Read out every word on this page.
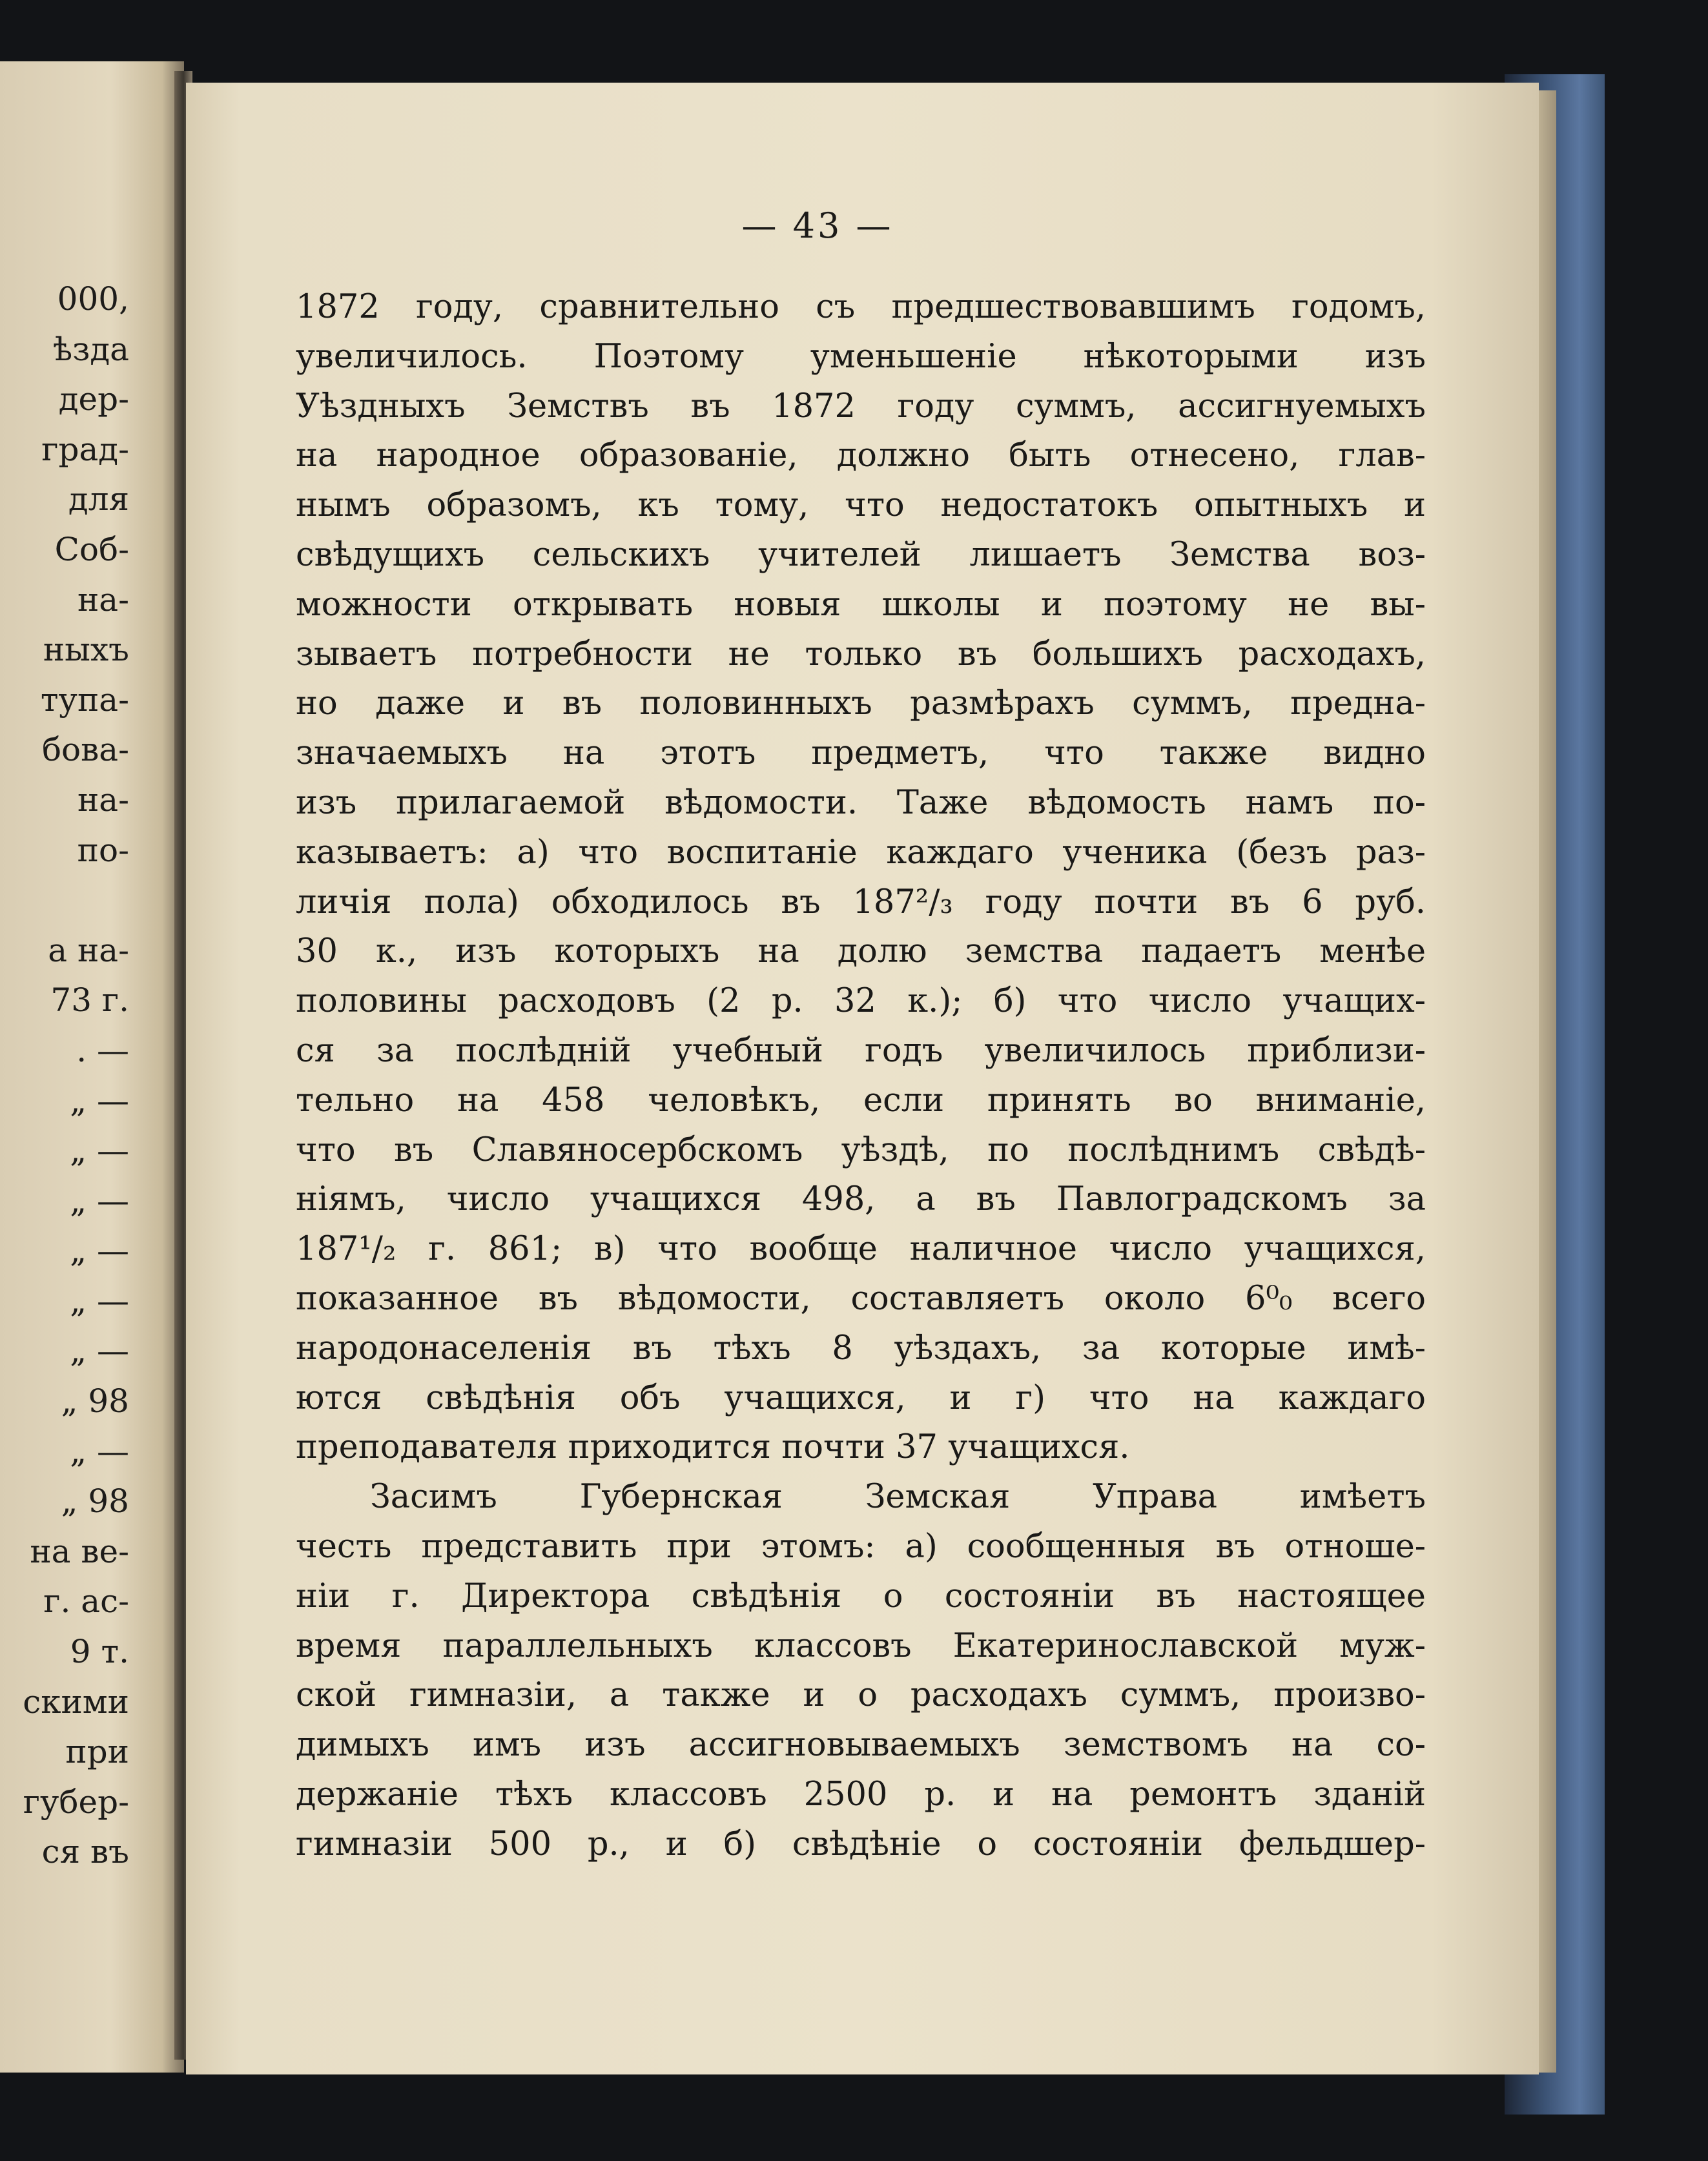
000,
ѣзда
дер-
град-
для
Соб-
на-
ныхъ
тупа-
бова-
на-
по-
а на-
73 г.
. —
„ —
„ —
„ —
„ —
„ —
„ —
„ 98
„ —
„ 98
на ве-
г. ас-
9 т.
скими
при
губер-
ся въ
— 43 —
1872 году, сравнительно съ предшествовавшимъ годомъ,
увеличилось. Поэтому уменьшеніе нѣкоторыми изъ
Уѣздныхъ Земствъ въ 1872 году суммъ, ассигнуемыхъ
на народное образованіе, должно быть отнесено, глав-
нымъ образомъ, къ тому, что недостатокъ опытныхъ и
свѣдущихъ сельскихъ учителей лишаетъ Земства воз-
можности открывать новыя школы и поэтому не вы-
зываетъ потребности не только въ большихъ расходахъ,
но даже и въ половинныхъ размѣрахъ суммъ, предна-
значаемыхъ на этотъ предметъ, что также видно
изъ прилагаемой вѣдомости. Таже вѣдомость намъ по-
казываетъ: а) что воспитаніе каждаго ученика (безъ раз-
личія пола) обходилось въ 187²/₃ году почти въ 6 руб.
30 к., изъ которыхъ на долю земства падаетъ менѣе
половины расходовъ (2 р. 32 к.); б) что число учащих-
ся за послѣдній учебный годъ увеличилось приблизи-
тельно на 458 человѣкъ, если принять во вниманіе,
что въ Славяносербскомъ уѣздѣ, по послѣднимъ свѣдѣ-
ніямъ, число учащихся 498, а въ Павлоградскомъ за
187¹/₂ г. 861; в) что вообще наличное число учащихся,
показанное въ вѣдомости, составляетъ около 6⁰₀ всего
народонаселенія въ тѣхъ 8 уѣздахъ, за которые имѣ-
ются свѣдѣнія объ учащихся, и г) что на каждаго
преподавателя приходится почти 37 учащихся.
Засимъ Губернская Земская Управа имѣетъ
честь представить при этомъ: а) сообщенныя въ отноше-
ніи г. Директора свѣдѣнія о состояніи въ настоящее
время параллельныхъ классовъ Екатеринославской муж-
ской гимназіи, а также и о расходахъ суммъ, произво-
димыхъ имъ изъ ассигновываемыхъ земствомъ на со-
держаніе тѣхъ классовъ 2500 р. и на ремонтъ зданій
гимназіи 500 р., и б) свѣдѣніе о состояніи фельдшер-
